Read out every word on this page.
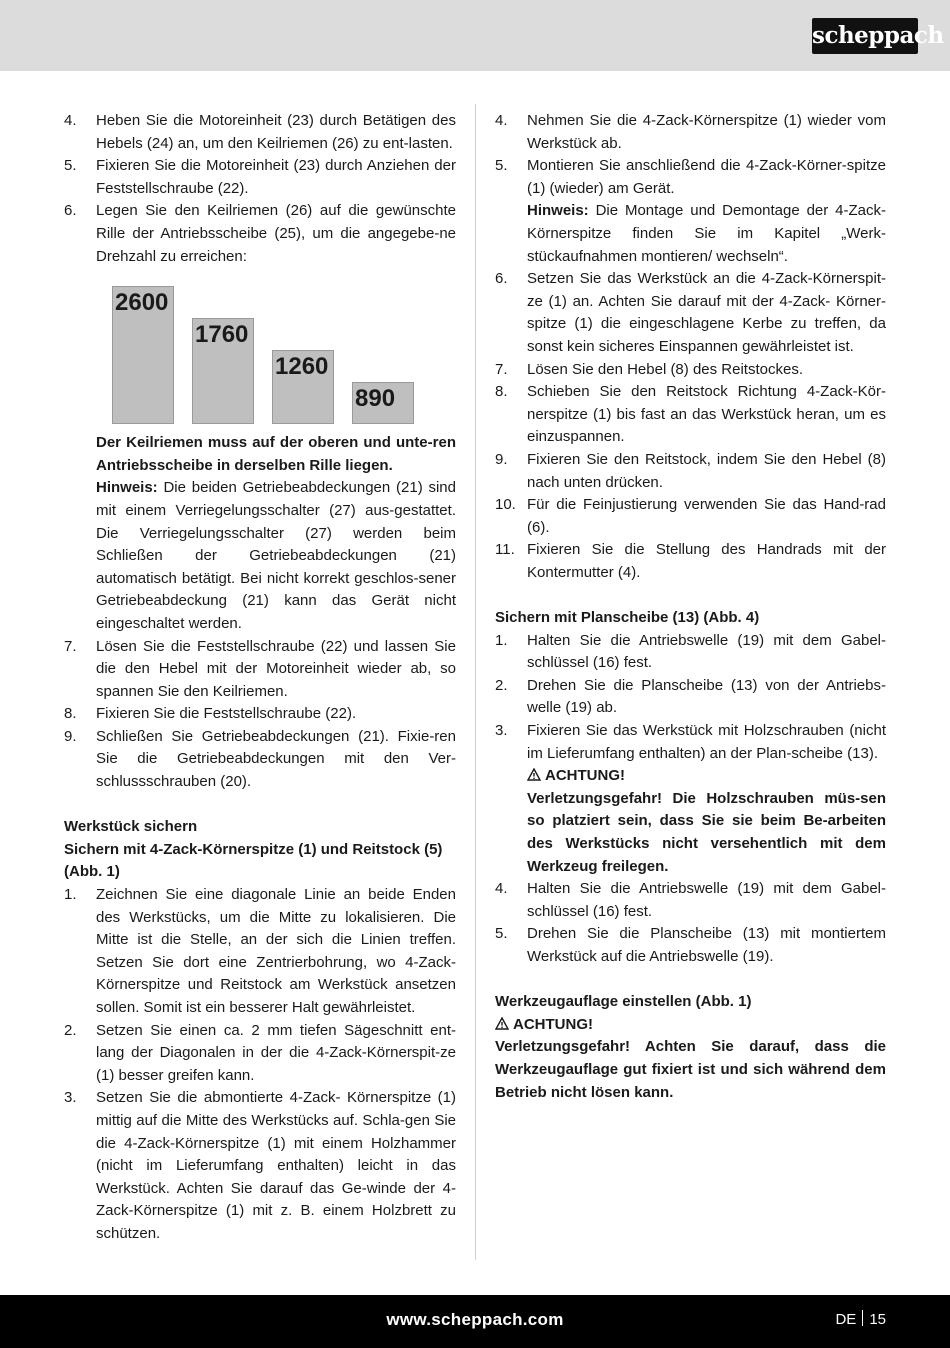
scheppach
4.	Heben Sie die Motoreinheit (23) durch Betätigen des Hebels (24) an, um den Keilriemen (26) zu ent-lasten.
5.	Fixieren Sie die Motoreinheit (23) durch Anziehen der Feststellschraube (22).
6.	Legen Sie den Keilriemen (26) auf die gewünschte Rille der Antriebsscheibe (25), um die angegebe-ne Drehzahl zu erreichen:
2600
1760
1260
890
Der Keilriemen muss auf der oberen und unte-ren Antriebsscheibe in derselben Rille liegen.
Hinweis: Die beiden Getriebeabdeckungen (21) sind mit einem Verriegelungsschalter (27) aus-gestattet. Die Verriegelungsschalter (27) werden beim Schließen der Getriebeabdeckungen (21) automatisch betätigt. Bei nicht korrekt geschlos-sener Getriebeabdeckung (21) kann das Gerät nicht eingeschaltet werden.
7.	Lösen Sie die Feststellschraube (22) und lassen Sie die den Hebel mit der Motoreinheit wieder ab, so spannen Sie den Keilriemen.
8.	Fixieren Sie die Feststellschraube (22).
9.	Schließen Sie Getriebeabdeckungen (21). Fixie-ren Sie die Getriebeabdeckungen mit den Ver-schlussschrauben (20).
Werkstück sichern
Sichern mit 4-Zack-Körnerspitze (1) und Reitstock (5) (Abb. 1)
1.	Zeichnen Sie eine diagonale Linie an beide Enden des Werkstücks, um die Mitte zu lokalisieren. Die Mitte ist die Stelle, an der sich die Linien treffen. Setzen Sie dort eine Zentrierbohrung, wo 4-Zack-Körnerspitze und Reitstock am Werkstück ansetzen sollen. Somit ist ein besserer Halt gewährleistet.
2.	Setzen Sie einen ca. 2 mm tiefen Sägeschnitt ent-lang der Diagonalen in der die 4-Zack-Körnerspit-ze (1) besser greifen kann.
3.	Setzen Sie die abmontierte 4-Zack- Körnerspitze (1) mittig auf die Mitte des Werkstücks auf. Schla-gen Sie die 4-Zack-Körnerspitze (1) mit einem Holzhammer (nicht im Lieferumfang enthalten) leicht in das Werkstück. Achten Sie darauf das Ge-winde der 4-Zack-Körnerspitze (1) mit z. B. einem Holzbrett zu schützen.
4.	Nehmen Sie die 4-Zack-Körnerspitze (1) wieder vom Werkstück ab.
5.	Montieren Sie anschließend die 4-Zack-Körner-spitze (1) (wieder) am Gerät.
Hinweis: Die Montage und Demontage der 4-Zack-Körnerspitze finden Sie im Kapitel „Werk-stückaufnahmen montieren/ wechseln“.
6.	Setzen Sie das Werkstück an die 4-Zack-Körnerspit-ze (1) an. Achten Sie darauf mit der 4-Zack- Körner-spitze (1) die eingeschlagene Kerbe zu treffen, da sonst kein sicheres Einspannen gewährleistet ist.
7.	Lösen Sie den Hebel (8) des Reitstockes.
8.	Schieben Sie den Reitstock Richtung 4-Zack-Kör-nerspitze (1) bis fast an das Werkstück heran, um es einzuspannen.
9.	Fixieren Sie den Reitstock, indem Sie den Hebel (8) nach unten drücken.
10. Für die Feinjustierung verwenden Sie das Hand-rad (6).
11. Fixieren Sie die Stellung des Handrads mit der Kontermutter (4).
Sichern mit Planscheibe (13) (Abb. 4)
1.	Halten Sie die Antriebswelle (19) mit dem Gabel-schlüssel (16) fest.
2.	Drehen Sie die Planscheibe (13) von der Antriebs-welle (19) ab.
3.	Fixieren Sie das Werkstück mit Holzschrauben (nicht im Lieferumfang enthalten) an der Plan-scheibe (13).
ACHTUNG!
Verletzungsgefahr! Die Holzschrauben müs-sen so platziert sein, dass Sie sie beim Be-arbeiten des Werkstücks nicht versehentlich mit dem Werkzeug freilegen.
4.	Halten Sie die Antriebswelle (19) mit dem Gabel-schlüssel (16) fest.
5.	Drehen Sie die Planscheibe (13) mit montiertem Werkstück auf die Antriebswelle (19).
Werkzeugauflage einstellen (Abb. 1)
ACHTUNG!
Verletzungsgefahr! Achten Sie darauf, dass die Werkzeugauflage gut fixiert ist und sich während dem Betrieb nicht lösen kann.
www.scheppach.com	DE 15
